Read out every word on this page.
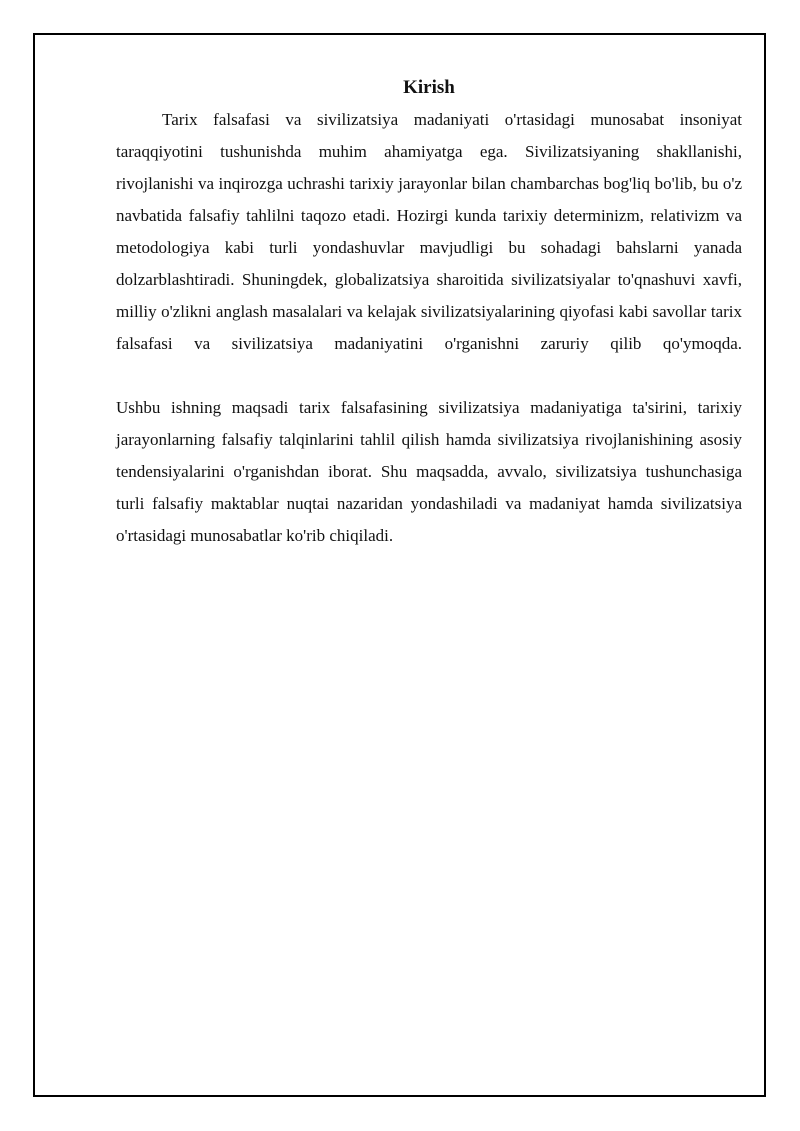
Kirish

Tarix falsafasi va sivilizatsiya madaniyati o'rtasidagi munosabat insoniyat taraqqiyotini tushunishda muhim ahamiyatga ega. Sivilizatsiyaning shakllanishi, rivojlanishi va inqirozga uchrashi tarixiy jarayonlar bilan chambarchas bog'liq bo'lib, bu o'z navbatida falsafiy tahlilni taqozo etadi. Hozirgi kunda tarixiy determinizm, relativizm va metodologiya kabi turli yondashuvlar mavjudligi bu sohadagi bahslarni yanada dolzarblashtiradi. Shuningdek, globalizatsiya sharoitida sivilizatsiyalar to'qnashuvi xavfi, milliy o'zlikni anglash masalalari va kelajak sivilizatsiyalarining qiyofasi kabi savollar tarix falsafasi va sivilizatsiya madaniyatini o'rganishni zaruriy qilib qo'ymoqda.

Ushbu ishning maqsadi tarix falsafasining sivilizatsiya madaniyatiga ta'sirini, tarixiy jarayonlarning falsafiy talqinlarini tahlil qilish hamda sivilizatsiya rivojlanishining asosiy tendensiyalarini o'rganishdan iborat. Shu maqsadda, avvalo, sivilizatsiya tushunchasiga turli falsafiy maktablar nuqtai nazaridan yondashiladi va madaniyat hamda sivilizatsiya o'rtasidagi munosabatlar ko'rib chiqiladi.
